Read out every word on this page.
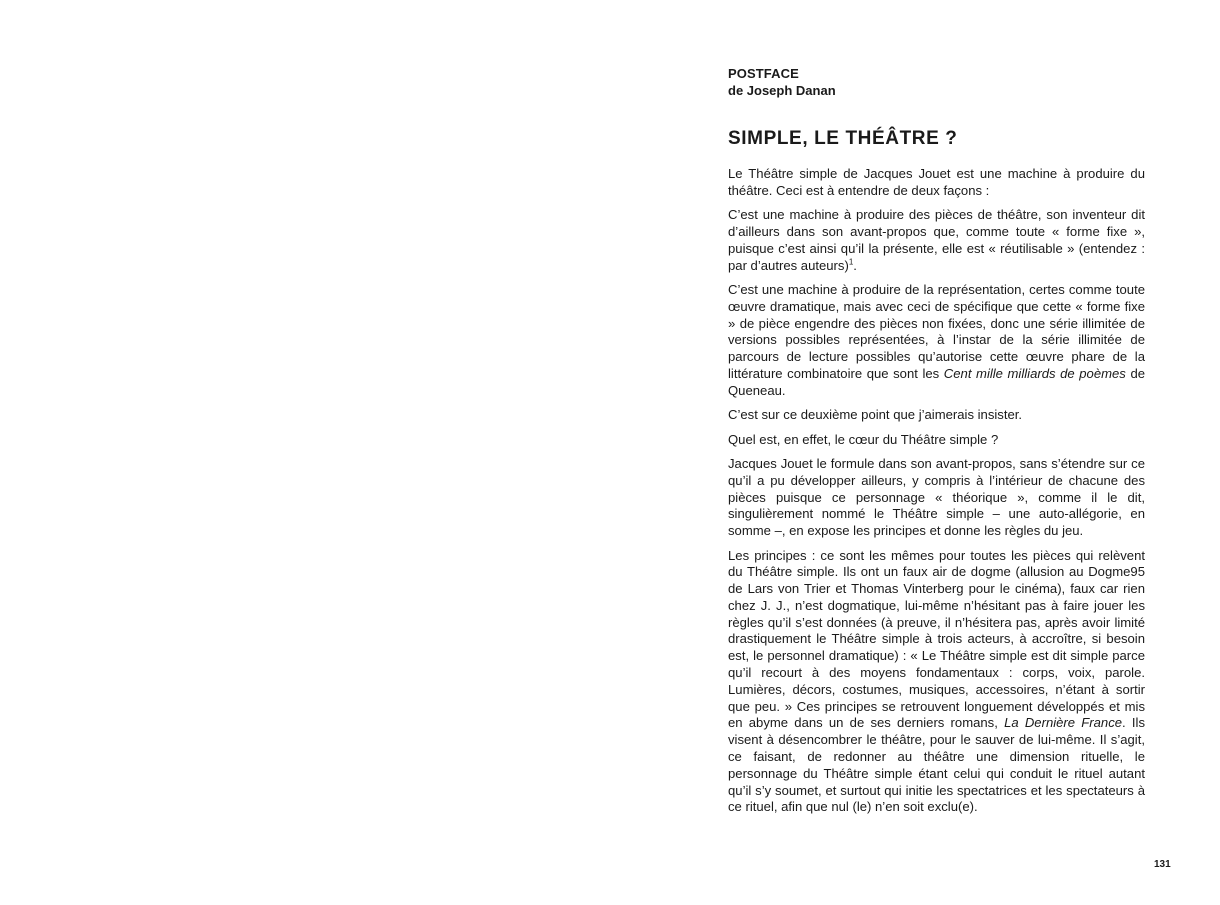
POSTFACE
de Joseph Danan
SIMPLE, LE THÉÂTRE ?

Le Théâtre simple de Jacques Jouet est une machine à produire du théâtre. Ceci est à entendre de deux façons :

C’est une machine à produire des pièces de théâtre, son inventeur dit d’ailleurs dans son avant-propos que, comme toute « forme fixe », puisque c’est ainsi qu’il la présente, elle est « réutilisable » (entendez : par d’autres auteurs)$^1$.

C’est une machine à produire de la représentation, certes comme toute œuvre dramatique, mais avec ceci de spécifique que cette « forme fixe » de pièce engendre des pièces non fixées, donc une série illimitée de versions possibles représentées, à l’instar de la série illimitée de parcours de lecture possibles qu’autorise cette œuvre phare de la littérature combinatoire que sont les Cent mille milliards de poèmes de Queneau.

C’est sur ce deuxième point que j’aimerais insister.

Quel est, en effet, le cœur du Théâtre simple ?

Jacques Jouet le formule dans son avant-propos, sans s’étendre sur ce qu’il a pu développer ailleurs, y compris à l’intérieur de chacune des pièces puisque ce personnage « théorique », comme il le dit, singulièrement nommé le Théâtre simple – une auto-allégorie, en somme –, en expose les principes et donne les règles du jeu.

Les principes : ce sont les mêmes pour toutes les pièces qui relèvent du Théâtre simple. Ils ont un faux air de dogme (allusion au Dogme95 de Lars von Trier et Thomas Vinterberg pour le cinéma), faux car rien chez J. J., n’est dogmatique, lui-même n’hésitant pas à faire jouer les règles qu’il s’est données (à preuve, il n’hésitera pas, après avoir limité drastiquement le Théâtre simple à trois acteurs, à accroître, si besoin est, le personnel dramatique) : « Le Théâtre simple est dit simple parce qu’il recourt à des moyens fondamentaux : corps, voix, parole. Lumières, décors, costumes, musiques, accessoires, n’étant à sortir que peu. » Ces principes se retrouvent longuement développés et mis en abyme dans un de ses derniers romans, La Dernière France. Ils visent à désencombrer le théâtre, pour le sauver de lui-même. Il s’agit, ce faisant, de redonner au théâtre une dimension rituelle, le personnage du Théâtre simple étant celui qui conduit le rituel autant qu’il s’y soumet, et surtout qui initie les spectatrices et les spectateurs à ce rituel, afin que nul (le) n’en soit exclu(e).

131
